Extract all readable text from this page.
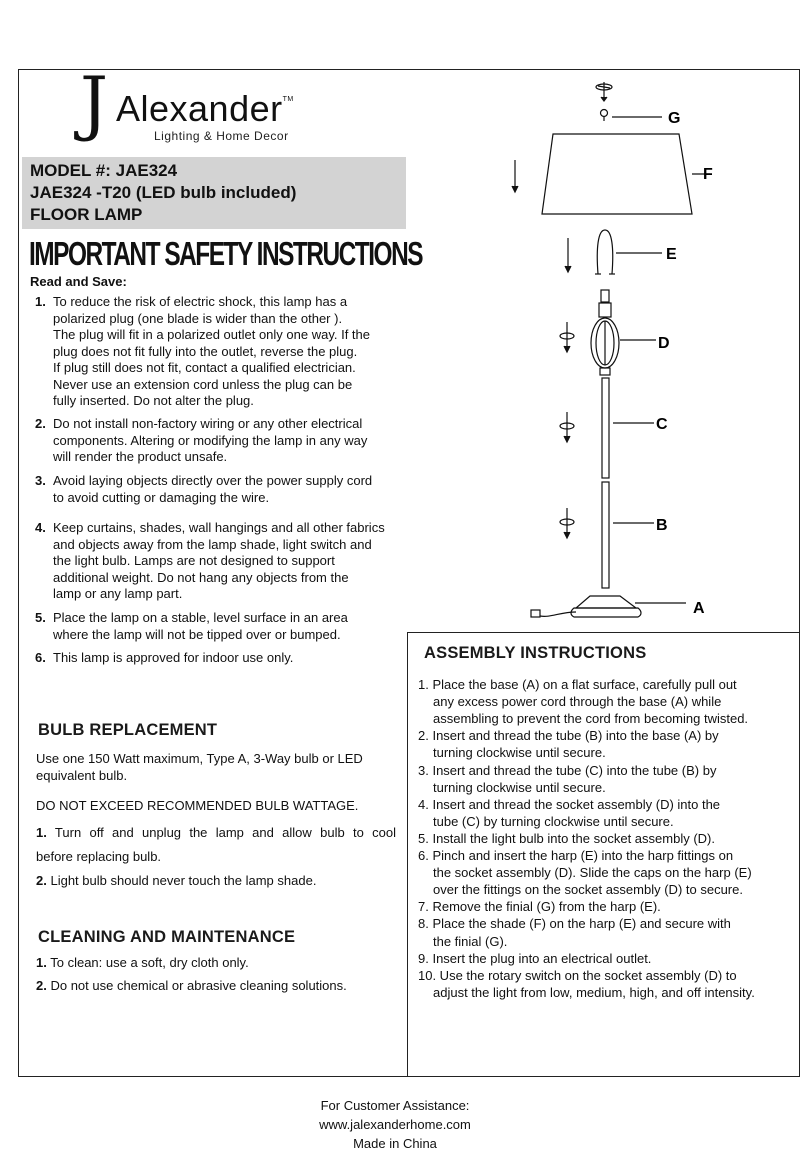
J Alexander™
Lighting & Home Decor
MODEL #: JAE324
JAE324 -T20 (LED bulb included)
FLOOR LAMP
IMPORTANT SAFETY INSTRUCTIONS
Read and Save:
1. To reduce the risk of electric shock, this lamp has a
polarized plug (one blade is wider than the other ).
The plug will fit in a polarized outlet only one way. If the
plug does not fit fully into the outlet, reverse the plug.
If plug still does not fit, contact a qualified electrician.
Never use an extension cord unless the plug can be
fully inserted. Do not alter the plug.
2. Do not install non-factory wiring or any other electrical
components. Altering or modifying the lamp in any way
will render the product unsafe.
3. Avoid laying objects directly over the power supply cord
to avoid cutting or damaging the wire.
4. Keep curtains, shades, wall hangings and all other fabrics
and objects away from the lamp shade, light switch and
the light bulb. Lamps are not designed to support
additional weight. Do not hang any objects from the
lamp or any lamp part.
5. Place the lamp on a stable, level surface in an area
where the lamp will not be tipped over or bumped.
6. This lamp is approved for indoor use only.
BULB REPLACEMENT
Use one 150 Watt maximum, Type A, 3-Way bulb or LED
equivalent bulb.
DO NOT EXCEED RECOMMENDED BULB WATTAGE.
1. Turn off and unplug the lamp and allow bulb to cool
before replacing bulb.
2. Light bulb should never touch the lamp shade.
CLEANING AND MAINTENANCE
1. To clean: use a soft, dry cloth only.
2. Do not use chemical or abrasive cleaning solutions.
ASSEMBLY INSTRUCTIONS
1. Place the base (A) on a flat surface, carefully pull out
any excess power cord through the base (A) while
assembling to prevent the cord from becoming twisted.
2. Insert and thread the tube (B) into the base (A) by
turning clockwise until secure.
3. Insert and thread the tube (C) into the tube (B) by
turning clockwise until secure.
4. Insert and thread the socket assembly (D) into the
tube (C) by turning clockwise until secure.
5. Install the light bulb into the socket assembly (D).
6. Pinch and insert the harp (E) into the harp fittings on
the socket assembly (D). Slide the caps on the harp (E)
over the fittings on the socket assembly (D) to secure.
7. Remove the finial (G) from the harp (E).
8. Place the shade (F) on the harp (E) and secure with
the finial (G).
9. Insert the plug into an electrical outlet.
10. Use the rotary switch on the socket assembly (D) to
adjust the light from low, medium, high, and off intensity.
G
F
E
D
C
B
A
For Customer Assistance:
www.jalexanderhome.com
Made in China
